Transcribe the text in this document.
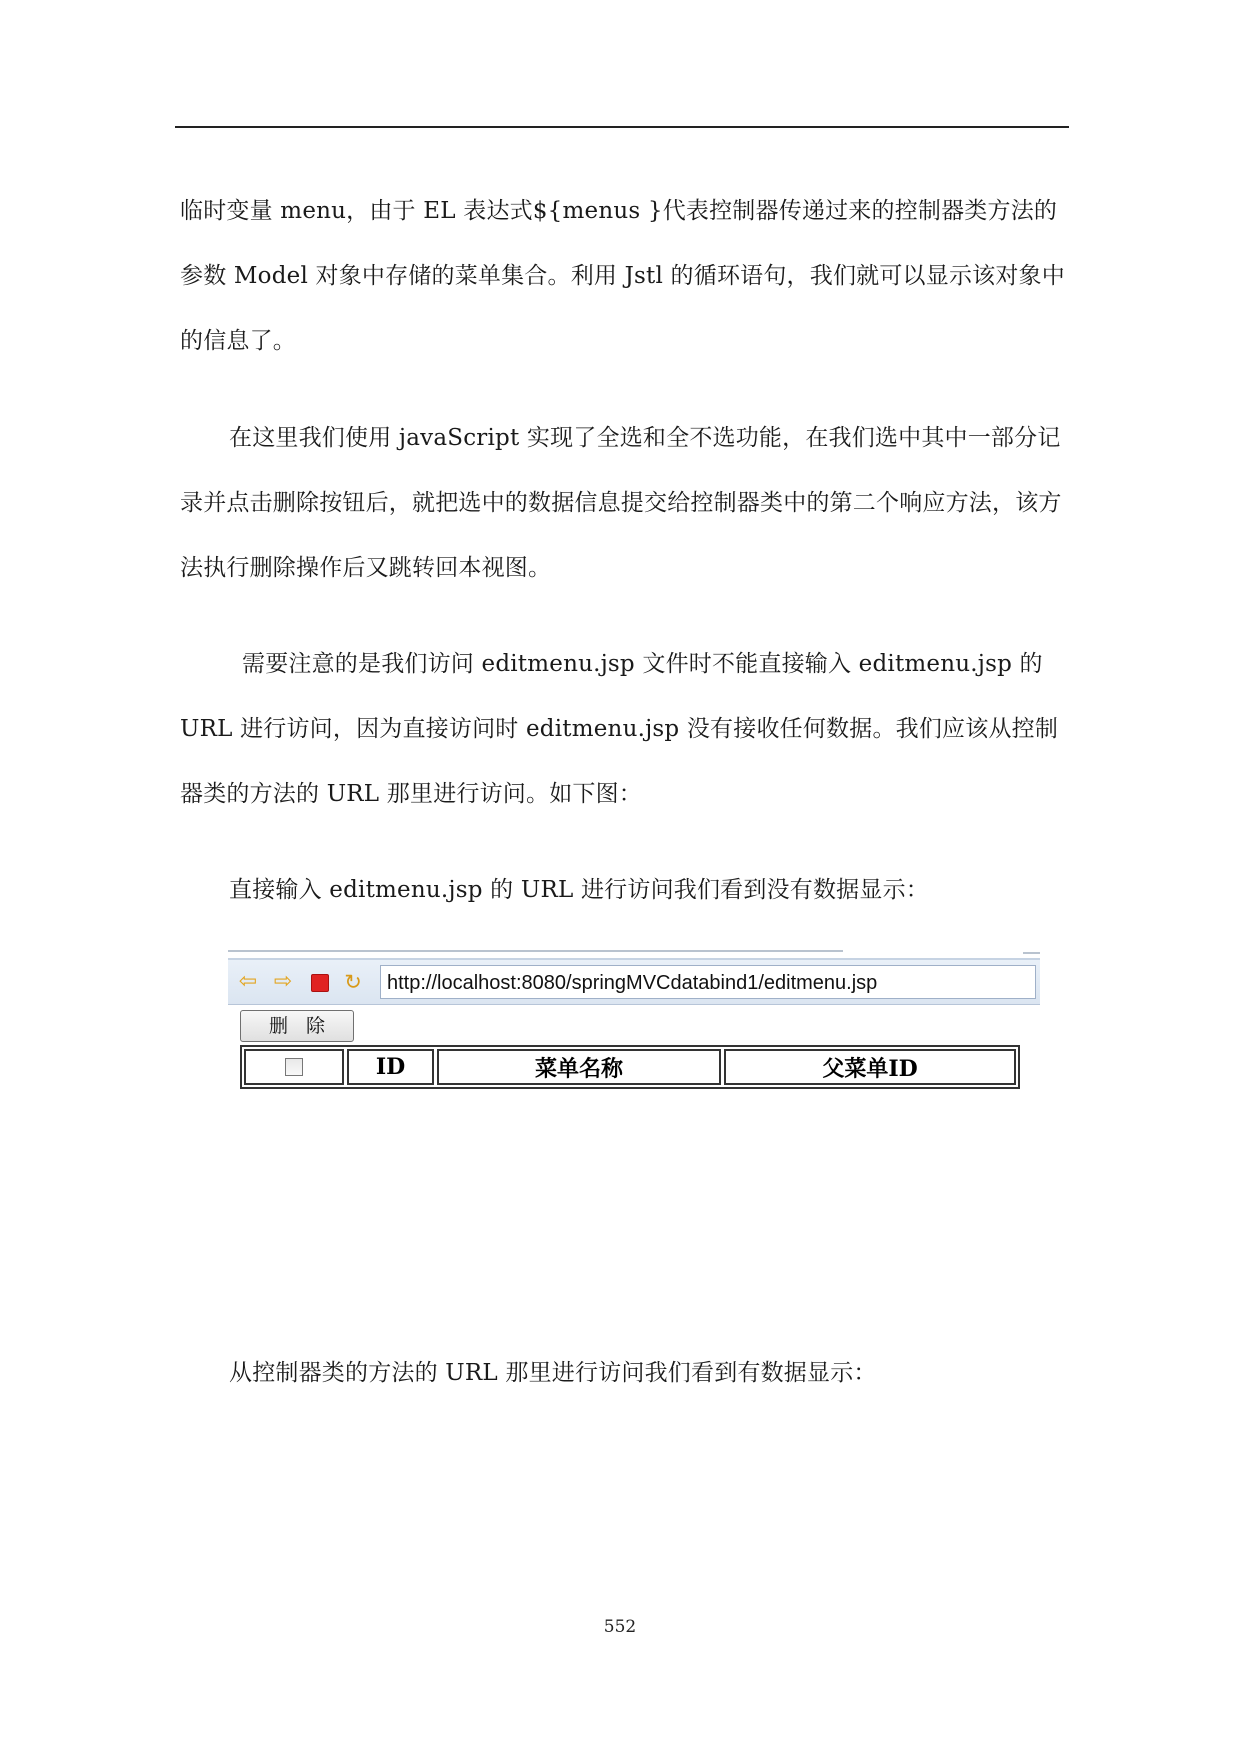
临时变量 menu，由于 EL 表达式${menus }代表控制器传递过来的控制器类方法的参数 Model 对象中存储的菜单集合。利用 Jstl 的循环语句，我们就可以显示该对象中的信息了。

在这里我们使用 javaScript 实现了全选和全不选功能，在我们选中其中一部分记录并点击删除按钮后，就把选中的数据信息提交给控制器类中的第二个响应方法，该方法执行删除操作后又跳转回本视图。

需要注意的是我们访问 editmenu.jsp 文件时不能直接输入 editmenu.jsp 的 URL 进行访问，因为直接访问时 editmenu.jsp 没有接收任何数据。我们应该从控制器类的方法的 URL 那里进行访问。如下图：

直接输入 editmenu.jsp 的 URL 进行访问我们看到没有数据显示：

⇦ ⇨ ↻	http://localhost:8080/springMVCdatabind1/editmenu.jsp
删   除
ID	菜单名称	父菜单ID

从控制器类的方法的 URL 那里进行访问我们看到有数据显示：

552
